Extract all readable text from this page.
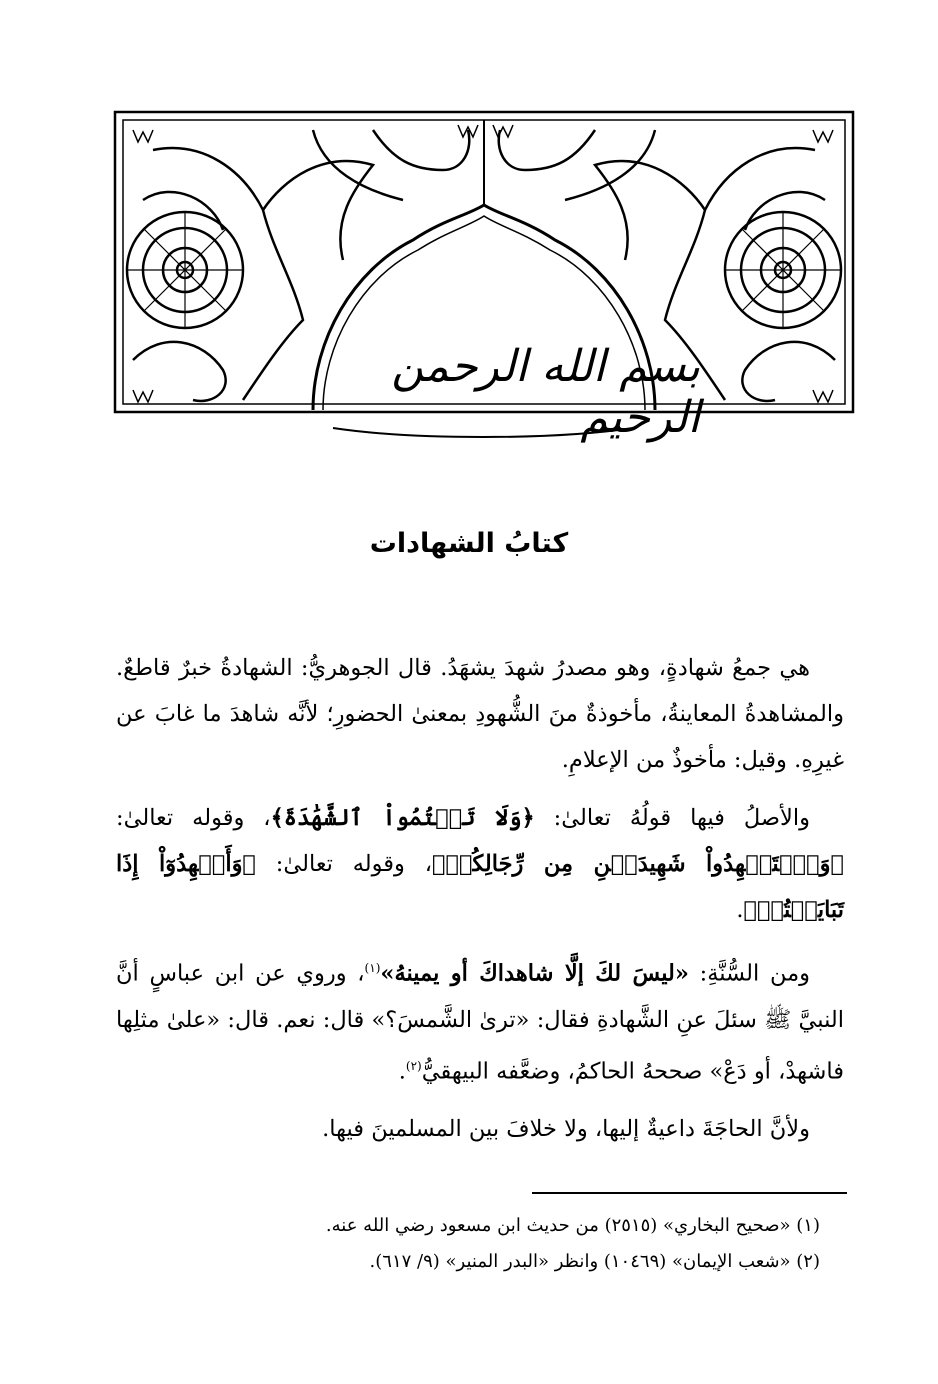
بسم الله الرحمن الرحيم
كتابُ الشهادات

هي جمعُ شهادةٍ، وهو مصدرُ شهدَ يشهَدُ. قال الجوهريُّ: الشهادةُ خبرٌ قاطعٌ. والمشاهدةُ المعاينةُ، مأخوذةٌ منَ الشُّهودِ بمعنىٰ الحضورِ؛ لأنَّه شاهدَ ما غابَ عن غيرِهِ. وقيل: مأخوذٌ من الإعلامِ.

والأصلُ فيها قولُهُ تعالىٰ: ﴿وَلَا تَكۡتُمُواْ ٱلشَّهَٰدَةَ﴾، وقوله تعالىٰ: ﴿وَٱسۡتَشۡهِدُواْ شَهِيدَيۡنِ مِن رِّجَالِكُمۡ﴾، وقوله تعالىٰ: ﴿وَأَشۡهِدُوٓاْ إِذَا تَبَايَعۡتُمۡ﴾.

ومن السُّنَّةِ: «ليسَ لكَ إلَّا شاهداكَ أو يمينهُ»$^{(١)}$، وروي عن ابن عباسٍ أنَّ النبيَّ ﷺ سئلَ عنِ الشَّهادةِ فقال: «ترىٰ الشَّمسَ؟» قال: نعم. قال: «علىٰ مثلِها فاشهدْ، أو دَعْ» صححهُ الحاكمُ، وضعَّفه البيهقيُّ$^{(٢)}$.

ولأنَّ الحاجَةَ داعيةٌ إليها، ولا خلافَ بين المسلمينَ فيها.

(١) «صحيح البخاري» (٢٥١٥) من حديث ابن مسعود رضي الله عنه.
(٢) «شعب الإيمان» (١٠٤٦٩) وانظر «البدر المنير» (٩/ ٦١٧).
